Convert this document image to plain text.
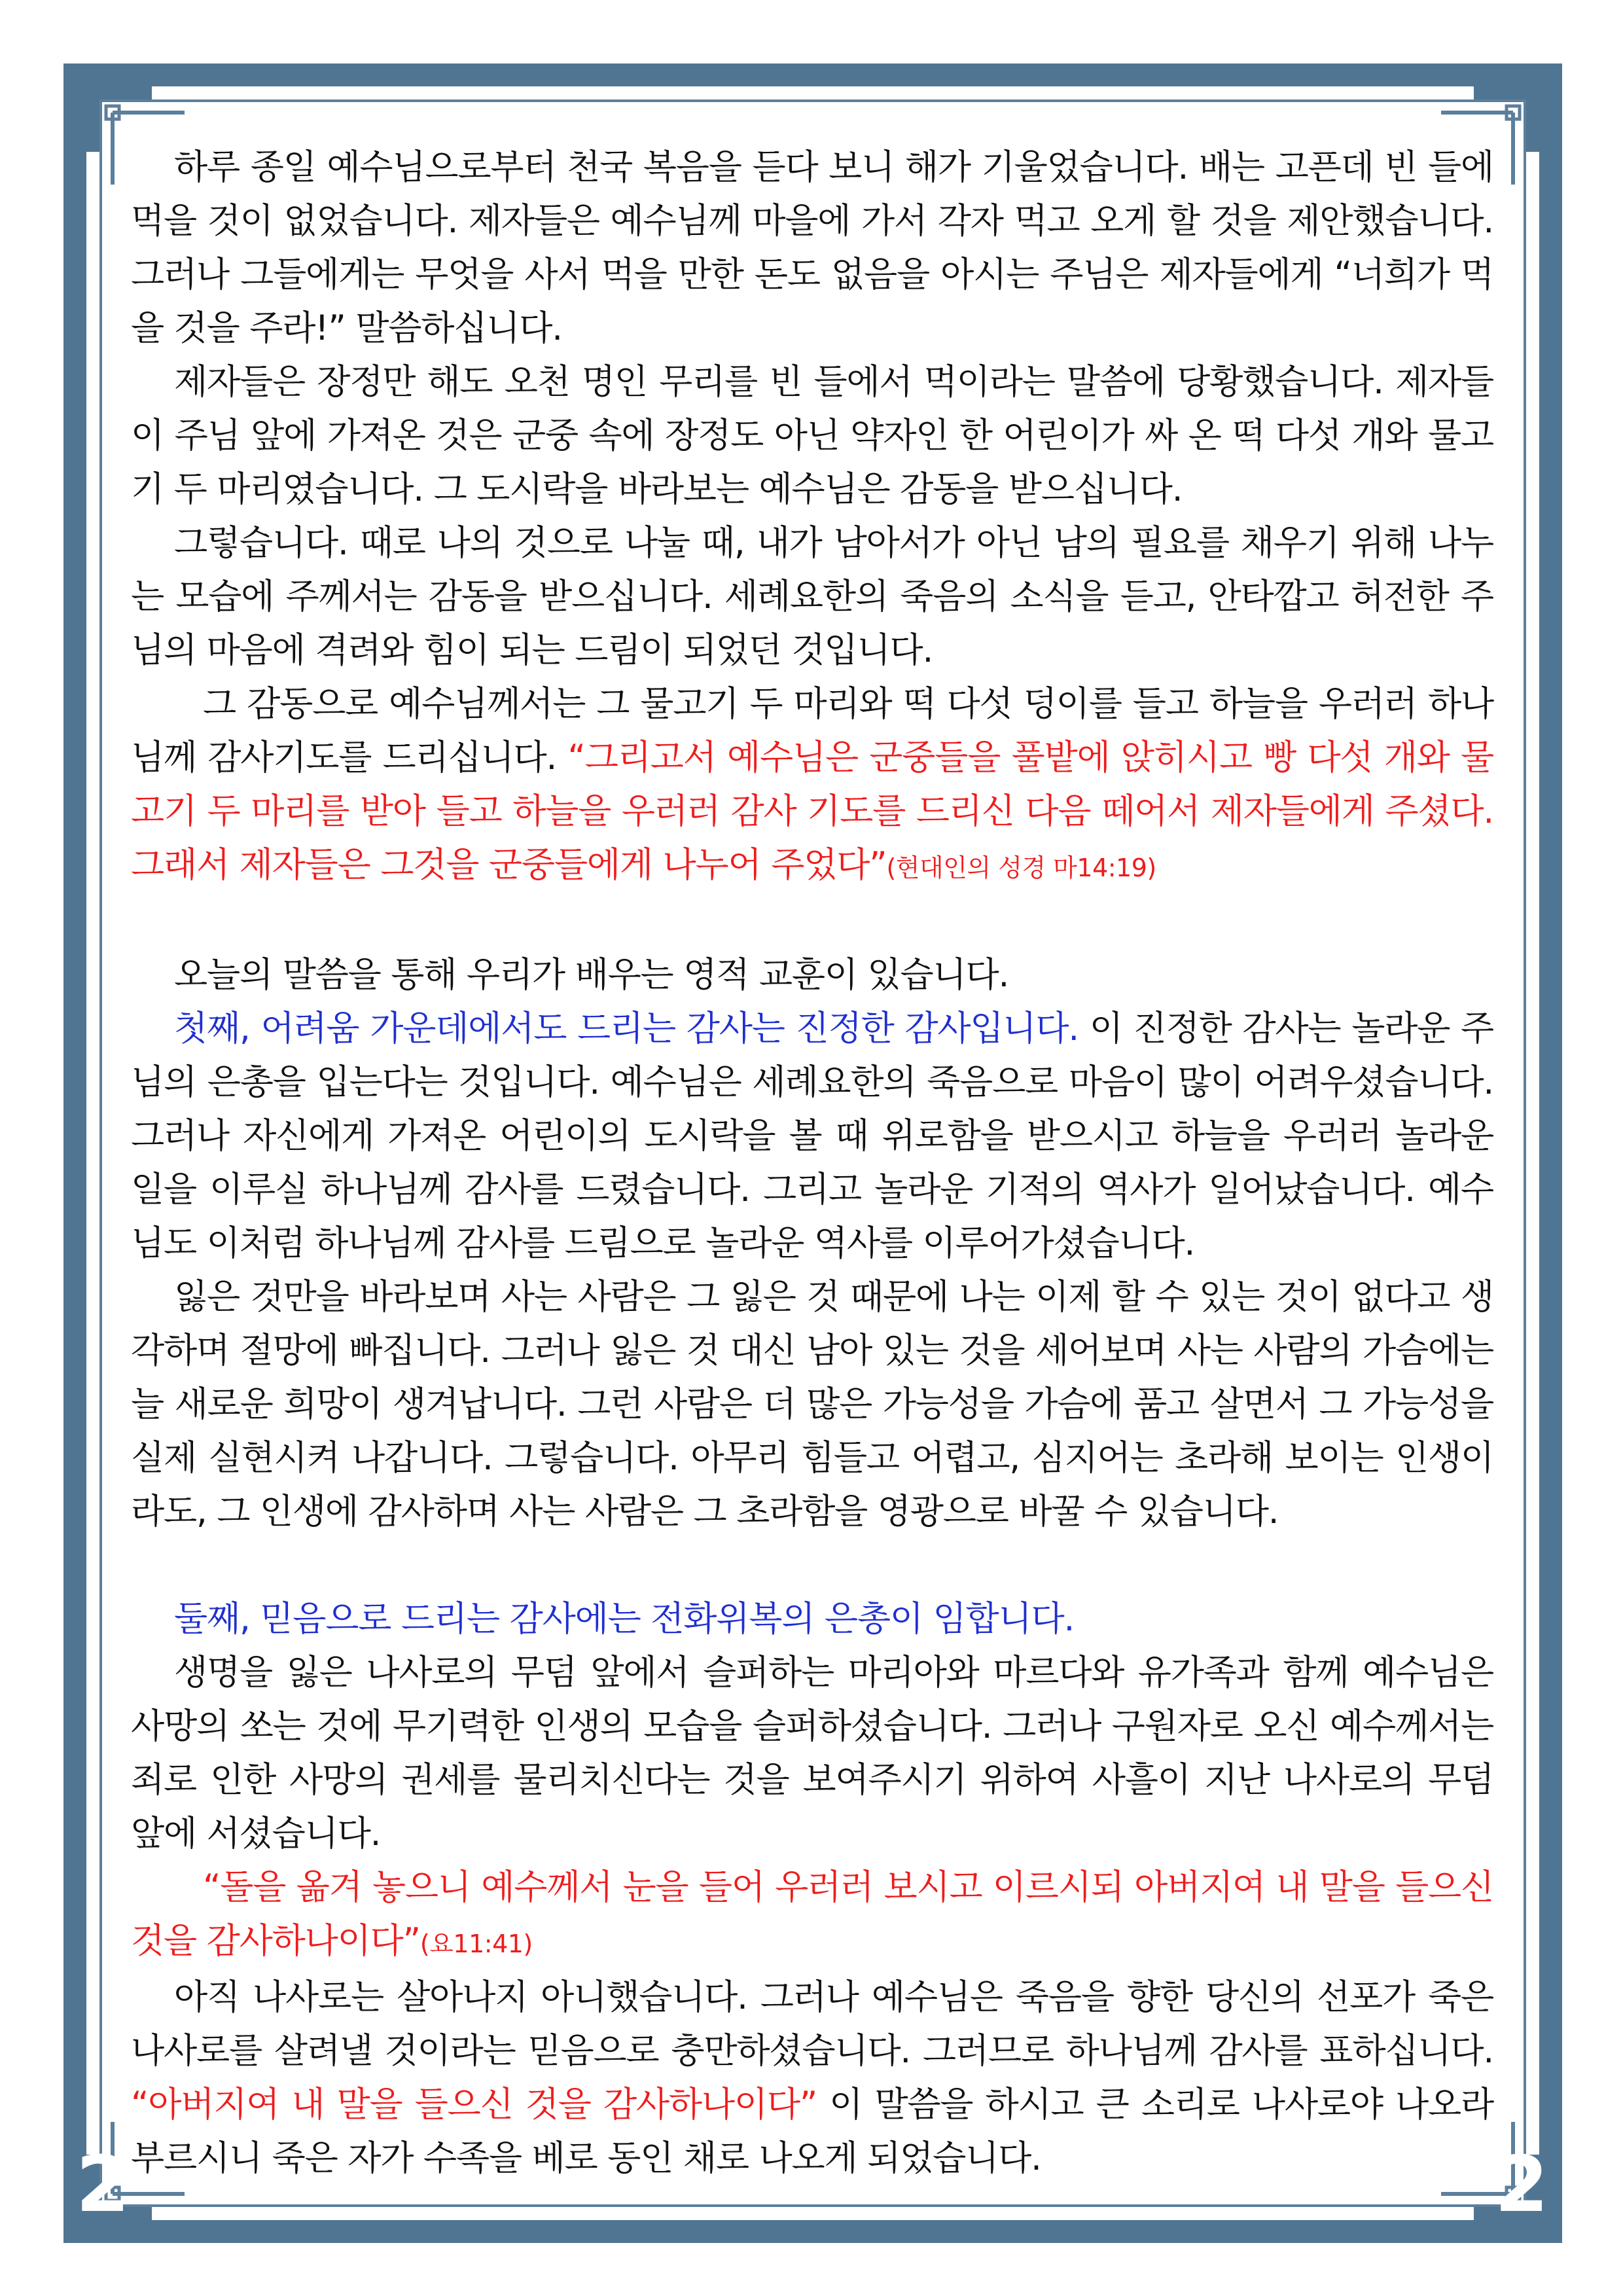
2	2

하루 종일 예수님으로부터 천국 복음을 듣다 보니 해가 기울었습니다. 배는 고픈데 빈 들에 먹을 것이 없었습니다. 제자들은 예수님께 마을에 가서 각자 먹고 오게 할 것을 제안했습니다. 그러나 그들에게는 무엇을 사서 먹을 만한 돈도 없음을 아시는 주님은 제자들에게 “너희가 먹을 것을 주라!” 말씀하십니다.

제자들은 장정만 해도 오천 명인 무리를 빈 들에서 먹이라는 말씀에 당황했습니다. 제자들이 주님 앞에 가져온 것은 군중 속에 장정도 아닌 약자인 한 어린이가 싸 온 떡 다섯 개와 물고기 두 마리였습니다. 그 도시락을 바라보는 예수님은 감동을 받으십니다.

그렇습니다. 때로 나의 것으로 나눌 때, 내가 남아서가 아닌 남의 필요를 채우기 위해 나누는 모습에 주께서는 감동을 받으십니다. 세례요한의 죽음의 소식을 듣고, 안타깝고 허전한 주님의 마음에 격려와 힘이 되는 드림이 되었던 것입니다.

그 감동으로 예수님께서는 그 물고기 두 마리와 떡 다섯 덩이를 들고 하늘을 우러러 하나님께 감사기도를 드리십니다. “그리고서 예수님은 군중들을 풀밭에 앉히시고 빵 다섯 개와 물고기 두 마리를 받아 들고 하늘을 우러러 감사 기도를 드리신 다음 떼어서 제자들에게 주셨다. 그래서 제자들은 그것을 군중들에게 나누어 주었다”(현대인의 성경 마14:19)

오늘의 말씀을 통해 우리가 배우는 영적 교훈이 있습니다.

첫째, 어려움 가운데에서도 드리는 감사는 진정한 감사입니다. 이 진정한 감사는 놀라운 주님의 은총을 입는다는 것입니다. 예수님은 세례요한의 죽음으로 마음이 많이 어려우셨습니다. 그러나 자신에게 가져온 어린이의 도시락을 볼 때 위로함을 받으시고 하늘을 우러러 놀라운 일을 이루실 하나님께 감사를 드렸습니다. 그리고 놀라운 기적의 역사가 일어났습니다. 예수님도 이처럼 하나님께 감사를 드림으로 놀라운 역사를 이루어가셨습니다.

잃은 것만을 바라보며 사는 사람은 그 잃은 것 때문에 나는 이제 할 수 있는 것이 없다고 생각하며 절망에 빠집니다. 그러나 잃은 것 대신 남아 있는 것을 세어보며 사는 사람의 가슴에는 늘 새로운 희망이 생겨납니다. 그런 사람은 더 많은 가능성을 가슴에 품고 살면서 그 가능성을 실제 실현시켜 나갑니다. 그렇습니다. 아무리 힘들고 어렵고, 심지어는 초라해 보이는 인생이라도, 그 인생에 감사하며 사는 사람은 그 초라함을 영광으로 바꿀 수 있습니다.

둘째, 믿음으로 드리는 감사에는 전화위복의 은총이 임합니다.

생명을 잃은 나사로의 무덤 앞에서 슬퍼하는 마리아와 마르다와 유가족과 함께 예수님은 사망의 쏘는 것에 무기력한 인생의 모습을 슬퍼하셨습니다. 그러나 구원자로 오신 예수께서는 죄로 인한 사망의 권세를 물리치신다는 것을 보여주시기 위하여 사흘이 지난 나사로의 무덤 앞에 서셨습니다.

“돌을 옮겨 놓으니 예수께서 눈을 들어 우러러 보시고 이르시되 아버지여 내 말을 들으신 것을 감사하나이다”(요11:41)

아직 나사로는 살아나지 아니했습니다. 그러나 예수님은 죽음을 향한 당신의 선포가 죽은 나사로를 살려낼 것이라는 믿음으로 충만하셨습니다. 그러므로 하나님께 감사를 표하십니다. “아버지여 내 말을 들으신 것을 감사하나이다” 이 말씀을 하시고 큰 소리로 나사로야 나오라 부르시니 죽은 자가 수족을 베로 동인 채로 나오게 되었습니다.
